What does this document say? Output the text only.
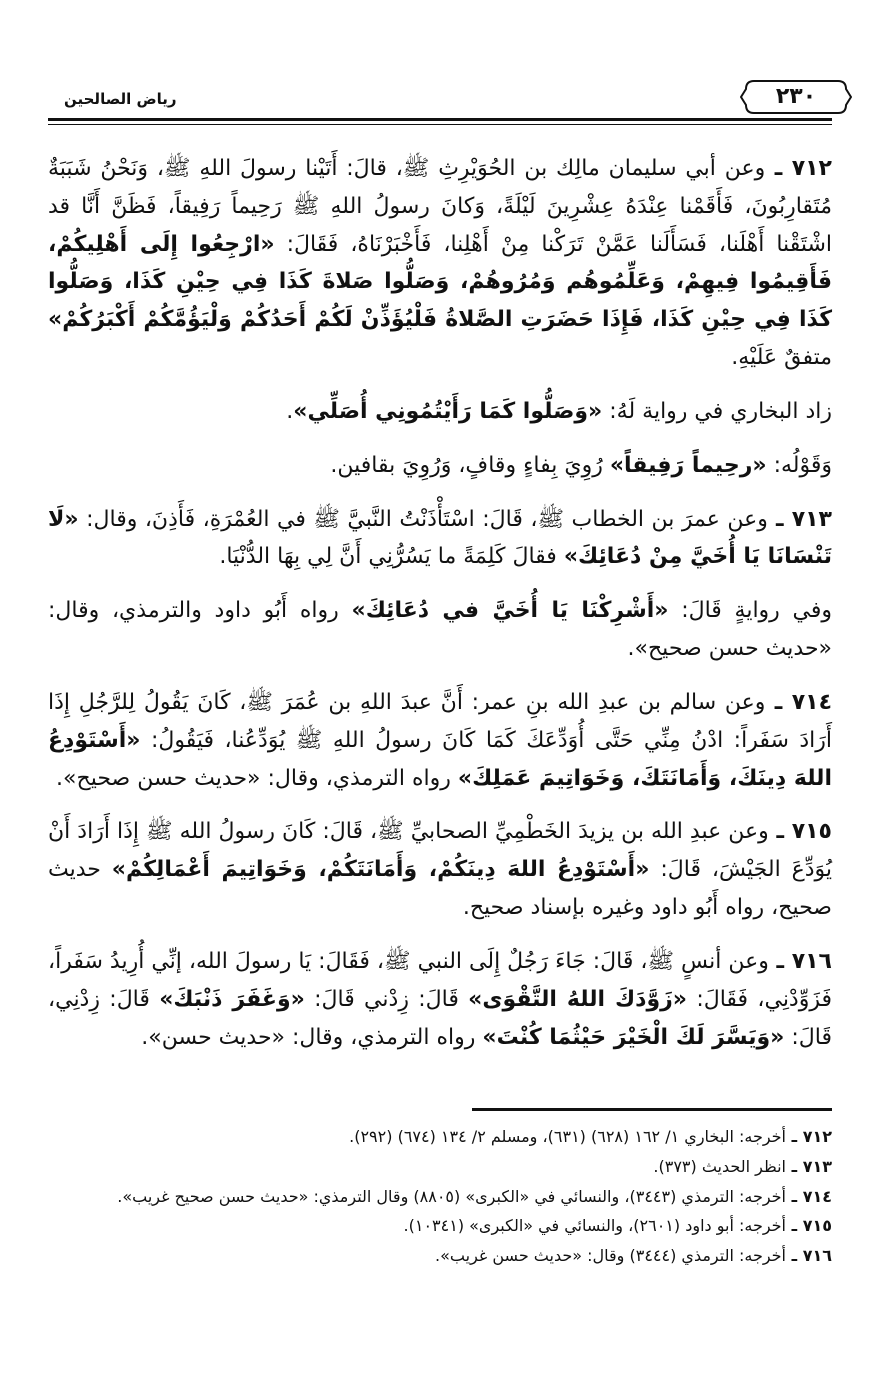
رياض الصالحين	٢٣٠

٧١٢ ـ وعن أبي سليمان مالِك بن الحُوَيْرِثِ ﷺ، قالَ: أَتَيْنا رسولَ اللهِ ﷺ، وَنَحْنُ شَبَبَةٌ مُتَقارِبُونَ، فَأَقَمْنا عِنْدَهُ عِشْرِينَ لَيْلَةً، وَكانَ رسولُ اللهِ ﷺ رَحِيماً رَفِيقاً، فَظَنَّ أَنَّا قد اشْتَقْنا أَهْلَنا، فَسَأَلَنا عَمَّنْ تَرَكْنا مِنْ أَهْلِنا، فَأَخْبَرْنَاهُ، فَقَالَ: «ارْجِعُوا إِلَى أَهْلِيكُمْ، فَأَقِيمُوا فِيهِمْ، وَعَلِّمُوهُم وَمُرُوهُمْ، وَصَلُّوا صَلاةَ كَذَا فِي حِيْنِ كَذَا، وَصَلُّوا كَذَا فِي حِيْنِ كَذَا، فَإِذَا حَضَرَتِ الصَّلاةُ فَلْيُؤَذِّنْ لَكُمْ أَحَدُكُمْ وَلْيَؤُمَّكُمْ أَكْبَرُكُمْ» متفقٌ عَلَيْهِ.

زاد البخاري في رواية لَهُ: «وَصَلُّوا كَمَا رَأَيْتُمُونِي أُصَلِّي».

وَقَوْلُه: «رحِيماً رَفِيقاً» رُوِيَ بِفاءٍ وقافٍ، وَرُوِيَ بقافين.

٧١٣ ـ وعن عمرَ بن الخطاب ﷺ، قَالَ: اسْتَأْذَنْتُ النَّبيَّ ﷺ في العُمْرَةِ، فَأَذِنَ، وقال: «لَا تَنْسَانَا يَا أُخَيَّ مِنْ دُعَائِكَ» فقالَ كَلِمَةً ما يَسُرُّنِي أَنَّ لِي بِهَا الدُّنْيَا.

وفي روايةٍ قَالَ: «أَشْرِكْنَا يَا أُخَيَّ في دُعَائِكَ» رواه أَبُو داود والترمذي، وقال: «حديث حسن صحيح».

٧١٤ ـ وعن سالم بن عبدِ الله بنِ عمر: أَنَّ عبدَ اللهِ بن عُمَرَ ﷺ، كَانَ يَقُولُ لِلرَّجُلِ إِذَا أَرَادَ سَفَراً: ادْنُ مِنِّي حَتَّى أُوَدِّعَكَ كَمَا كَانَ رسولُ اللهِ ﷺ يُوَدِّعُنا، فَيَقُولُ: «أَسْتَوْدِعُ اللهَ دِينَكَ، وَأَمَانَتَكَ، وَخَوَاتِيمَ عَمَلِكَ» رواه الترمذي، وقال: «حديث حسن صحيح».

٧١٥ ـ وعن عبدِ الله بن يزيدَ الخَطْمِيِّ الصحابيِّ ﷺ، قَالَ: كَانَ رسولُ الله ﷺ إِذَا أَرَادَ أَنْ يُوَدِّعَ الجَيْشَ، قَالَ: «أَسْتَوْدِعُ اللهَ دِينَكُمْ، وَأَمَانَتَكُمْ، وَخَوَاتِيمَ أَعْمَالِكُمْ» حديث صحيح، رواه أَبُو داود وغيره بإسناد صحيح.

٧١٦ ـ وعن أنسٍ ﷺ، قَالَ: جَاءَ رَجُلٌ إِلَى النبي ﷺ، فَقَالَ: يَا رسولَ الله، إنِّي أُرِيدُ سَفَراً، فَزَوِّدْنِي، فَقَالَ: «زَوَّدَكَ اللهُ التَّقْوَى» قَالَ: زِدْني قَالَ: «وَغَفَرَ ذَنْبَكَ» قَالَ: زِدْنِي، قَالَ: «وَيَسَّرَ لَكَ الْخَيْرَ حَيْثُمَا كُنْتَ» رواه الترمذي، وقال: «حديث حسن».

٧١٢ ـ
أخرجه: البخاري ١/ ١٦٢ (٦٢٨) (٦٣١)، ومسلم ٢/ ١٣٤ (٦٧٤) (٢٩٢).
٧١٣ ـ
انظر الحديث (٣٧٣).
٧١٤ ـ
أخرجه: الترمذي (٣٤٤٣)، والنسائي في «الكبرى» (٨٨٠٥) وقال الترمذي: «حديث حسن صحيح غريب».
٧١٥ ـ
أخرجه: أبو داود (٢٦٠١)، والنسائي في «الكبرى» (١٠٣٤١).
٧١٦ ـ
أخرجه: الترمذي (٣٤٤٤) وقال: «حديث حسن غريب».
